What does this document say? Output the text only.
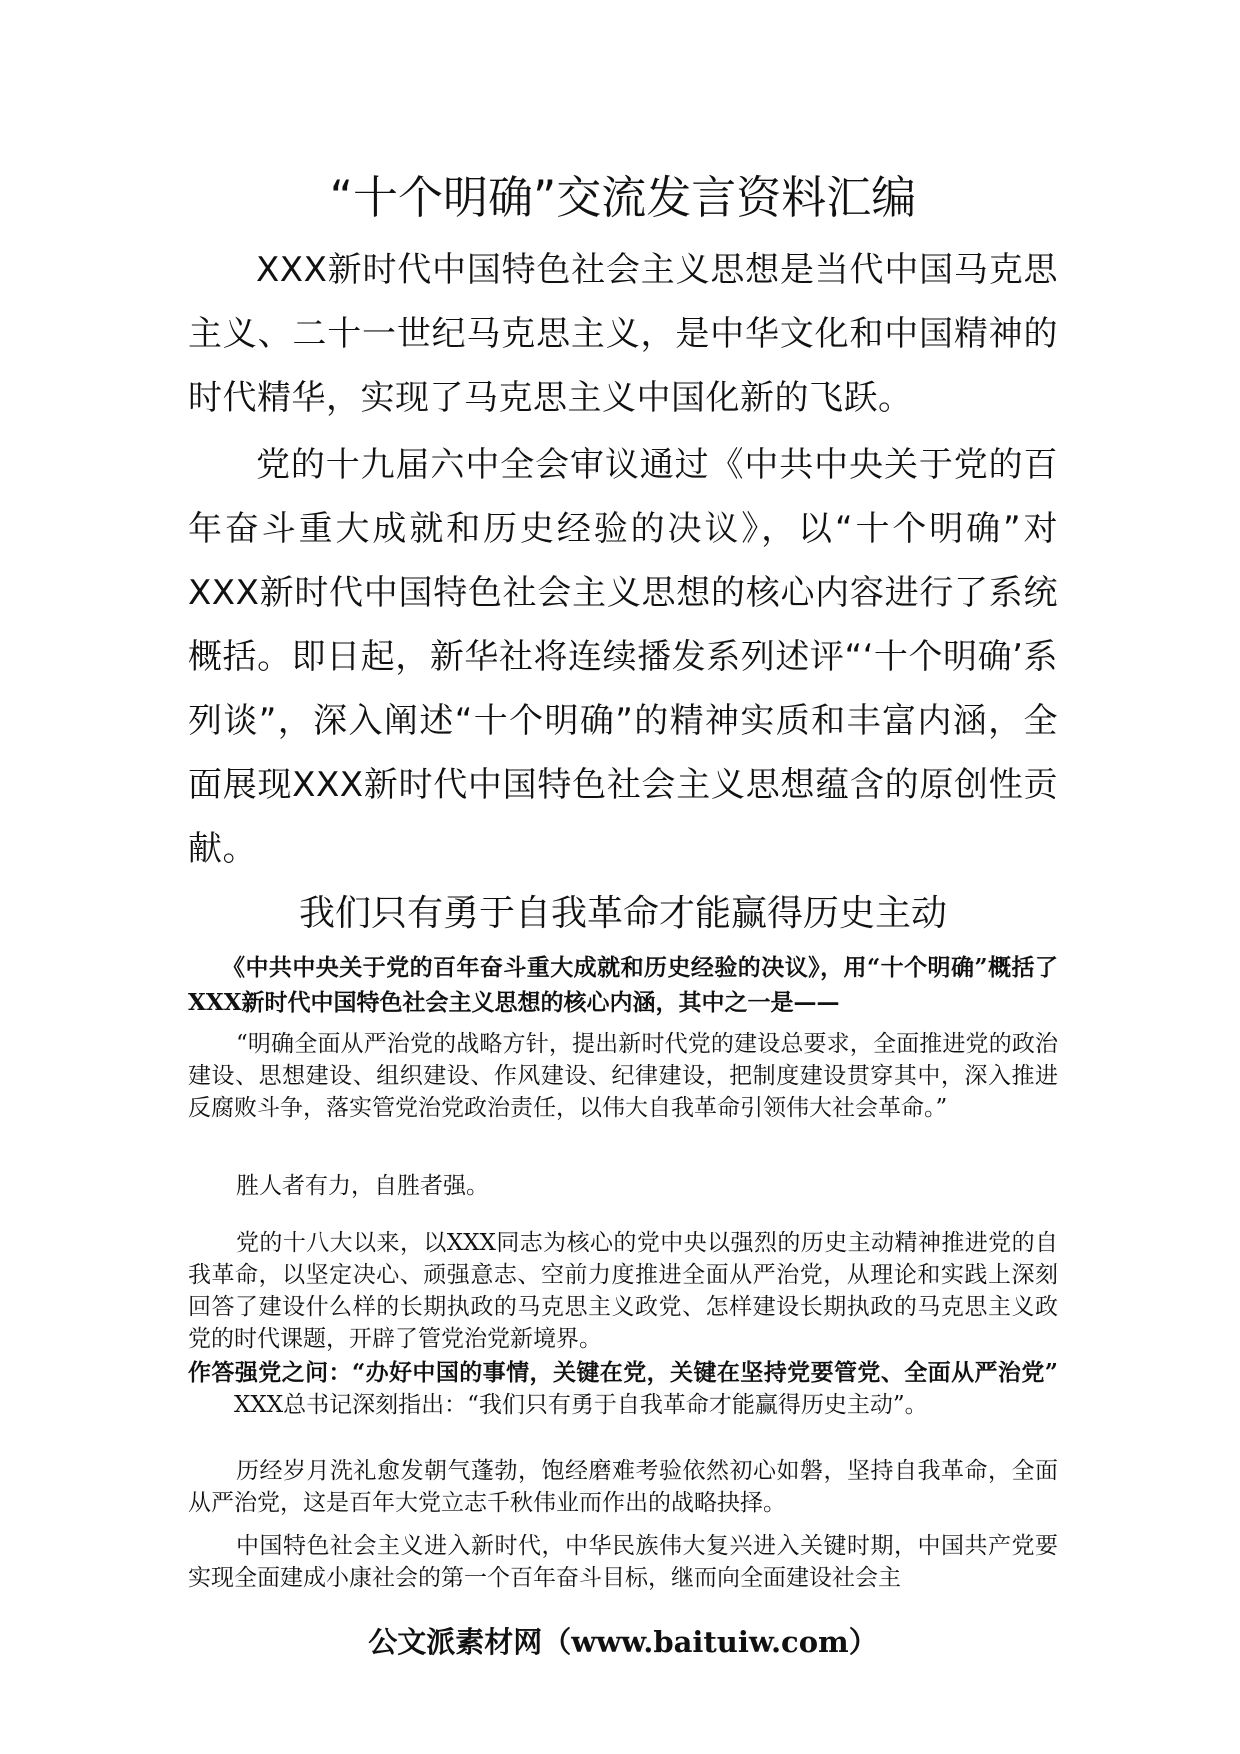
“十个明确”交流发言资料汇编

XXX新时代中国特色社会主义思想是当代中国马克思主义、二十一世纪马克思主义，是中华文化和中国精神的时代精华，实现了马克思主义中国化新的飞跃。

党的十九届六中全会审议通过《中共中央关于党的百年奋斗重大成就和历史经验的决议》，以“十个明确”对XXX新时代中国特色社会主义思想的核心内容进行了系统概括。即日起，新华社将连续播发系列述评“‘十个明确’系列谈”，深入阐述“十个明确”的精神实质和丰富内涵，全面展现XXX新时代中国特色社会主义思想蕴含的原创性贡献。

我们只有勇于自我革命才能赢得历史主动

《中共中央关于党的百年奋斗重大成就和历史经验的决议》，用“十个明确”概括了XXX新时代中国特色社会主义思想的核心内涵，其中之一是——

“明确全面从严治党的战略方针，提出新时代党的建设总要求，全面推进党的政治建设、思想建设、组织建设、作风建设、纪律建设，把制度建设贯穿其中，深入推进反腐败斗争，落实管党治党政治责任，以伟大自我革命引领伟大社会革命。”

胜人者有力，自胜者强。

党的十八大以来，以XXX同志为核心的党中央以强烈的历史主动精神推进党的自我革命，以坚定决心、顽强意志、空前力度推进全面从严治党，从理论和实践上深刻回答了建设什么样的长期执政的马克思主义政党、怎样建设长期执政的马克思主义政党的时代课题，开辟了管党治党新境界。

作答强党之问：“办好中国的事情，关键在党，关键在坚持党要管党、全面从严治党”XXX总书记深刻指出：“我们只有勇于自我革命才能赢得历史主动”。

历经岁月洗礼愈发朝气蓬勃，饱经磨难考验依然初心如磐，坚持自我革命，全面从严治党，这是百年大党立志千秋伟业而作出的战略抉择。

中国特色社会主义进入新时代，中华民族伟大复兴进入关键时期，中国共产党要实现全面建成小康社会的第一个百年奋斗目标，继而向全面建设社会主

公文派素材网（www.baituiw.com）
